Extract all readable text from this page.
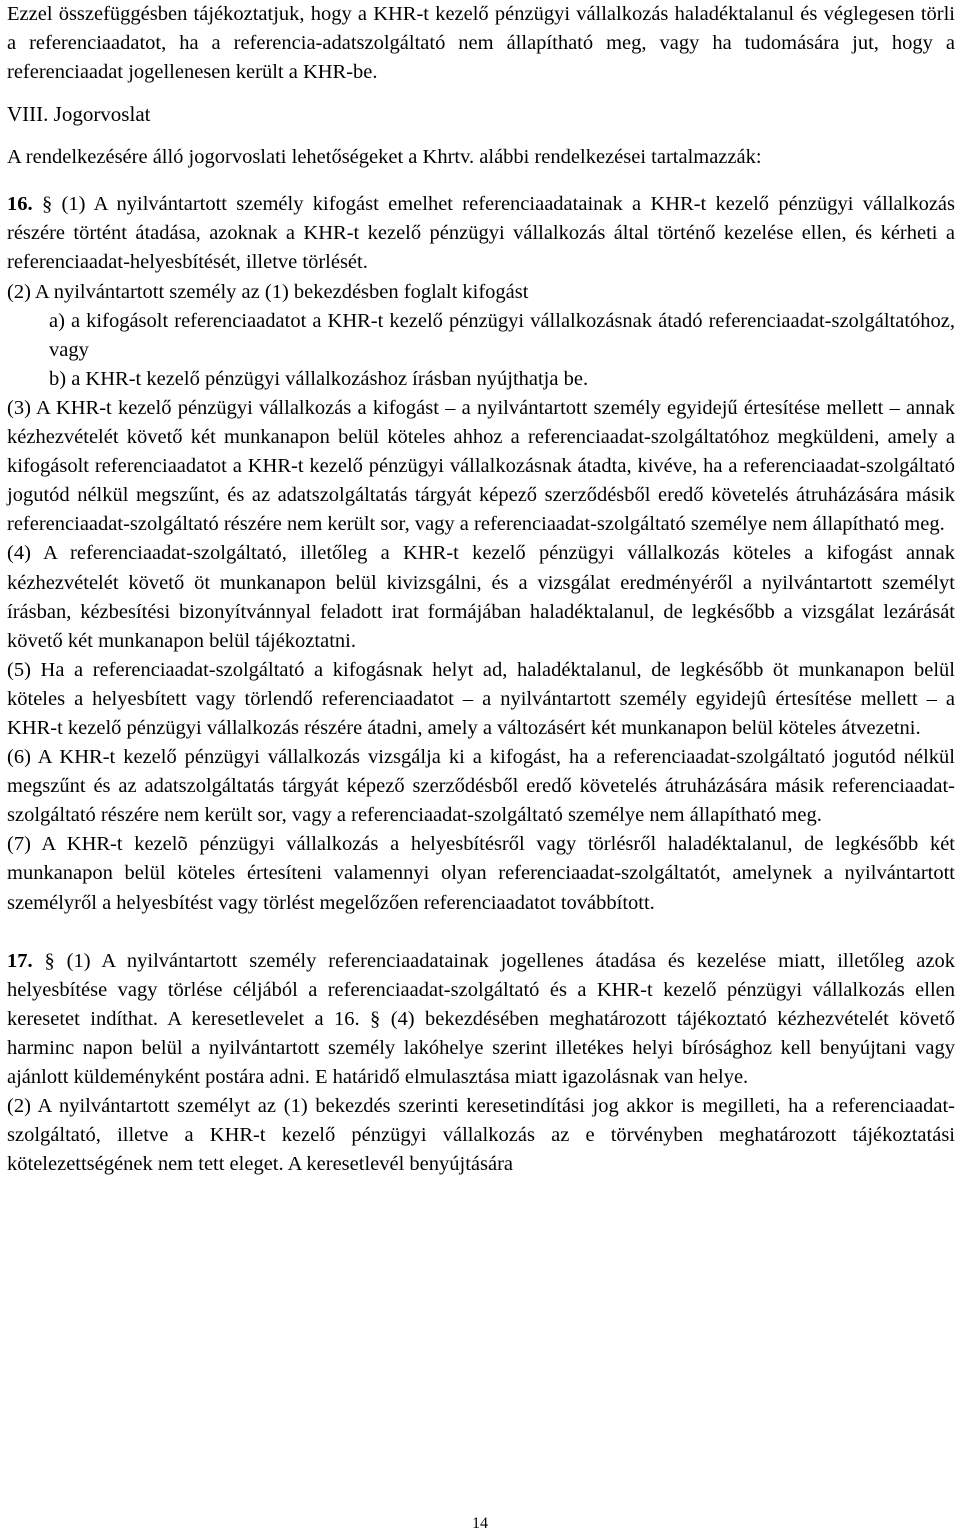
Ezzel összefüggésben tájékoztatjuk, hogy a KHR-t kezelő pénzügyi vállalkozás haladéktalanul és véglegesen törli a referenciaadatot, ha a referencia-adatszolgáltató nem állapítható meg, vagy ha tudomására jut, hogy a referenciaadat jogellenesen került a KHR-be.

VIII. Jogorvoslat

A rendelkezésére álló jogorvoslati lehetőségeket a Khrtv. alábbi rendelkezései tartalmazzák:

16. § (1) A nyilvántartott személy kifogást emelhet referenciaadatainak a KHR-t kezelő pénzügyi vállalkozás részére történt átadása, azoknak a KHR-t kezelő pénzügyi vállalkozás által történő kezelése ellen, és kérheti a referenciaadat-helyesbítését, illetve törlését.

(2) A nyilvántartott személy az (1) bekezdésben foglalt kifogást

a) a kifogásolt referenciaadatot a KHR-t kezelő pénzügyi vállalkozásnak átadó referenciaadat-szolgáltatóhoz, vagy

b) a KHR-t kezelő pénzügyi vállalkozáshoz írásban nyújthatja be.

(3) A KHR-t kezelő pénzügyi vállalkozás a kifogást – a nyilvántartott személy egyidejű értesítése mellett – annak kézhezvételét követő két munkanapon belül köteles ahhoz a referenciaadat-szolgáltatóhoz megküldeni, amely a kifogásolt referenciaadatot a KHR-t kezelő pénzügyi vállalkozásnak átadta, kivéve, ha a referenciaadat-szolgáltató jogutód nélkül megszűnt, és az adatszolgáltatás tárgyát képező szerződésből eredő követelés átruházására másik referenciaadat-szolgáltató részére nem került sor, vagy a referenciaadat-szolgáltató személye nem állapítható meg.

(4) A referenciaadat-szolgáltató, illetőleg a KHR-t kezelő pénzügyi vállalkozás köteles a kifogást annak kézhezvételét követő öt munkanapon belül kivizsgálni, és a vizsgálat eredményéről a nyilvántartott személyt írásban, kézbesítési bizonyítvánnyal feladott irat formájában haladéktalanul, de legkésőbb a vizsgálat lezárását követő két munkanapon belül tájékoztatni.

(5) Ha a referenciaadat-szolgáltató a kifogásnak helyt ad, haladéktalanul, de legkésőbb öt munkanapon belül köteles a helyesbített vagy törlendő referenciaadatot – a nyilvántartott személy egyidejû értesítése mellett – a KHR-t kezelő pénzügyi vállalkozás részére átadni, amely a változásért két munkanapon belül köteles átvezetni.

(6) A KHR-t kezelő pénzügyi vállalkozás vizsgálja ki a kifogást, ha a referenciaadat-szolgáltató jogutód nélkül megszűnt és az adatszolgáltatás tárgyát képező szerződésből eredő követelés átruházására másik referenciaadat-szolgáltató részére nem került sor, vagy a referenciaadat-szolgáltató személye nem állapítható meg.

(7) A KHR-t kezelõ pénzügyi vállalkozás a helyesbítésről vagy törlésről haladéktalanul, de legkésőbb két munkanapon belül köteles értesíteni valamennyi olyan referenciaadat-szolgáltatót, amelynek a nyilvántartott személyről a helyesbítést vagy törlést megelőzően referenciaadatot továbbított.

17. § (1) A nyilvántartott személy referenciaadatainak jogellenes átadása és kezelése miatt, illetőleg azok helyesbítése vagy törlése céljából a referenciaadat-szolgáltató és a KHR-t kezelő pénzügyi vállalkozás ellen keresetet indíthat. A keresetlevelet a 16. § (4) bekezdésében meghatározott tájékoztató kézhezvételét követő harminc napon belül a nyilvántartott személy lakóhelye szerint illetékes helyi bírósághoz kell benyújtani vagy ajánlott küldeményként postára adni. E határidő elmulasztása miatt igazolásnak van helye.

(2) A nyilvántartott személyt az (1) bekezdés szerinti keresetindítási jog akkor is megilleti, ha a referenciaadat-szolgáltató, illetve a KHR-t kezelő pénzügyi vállalkozás az e törvényben meghatározott tájékoztatási kötelezettségének nem tett eleget. A keresetlevél benyújtására

14
